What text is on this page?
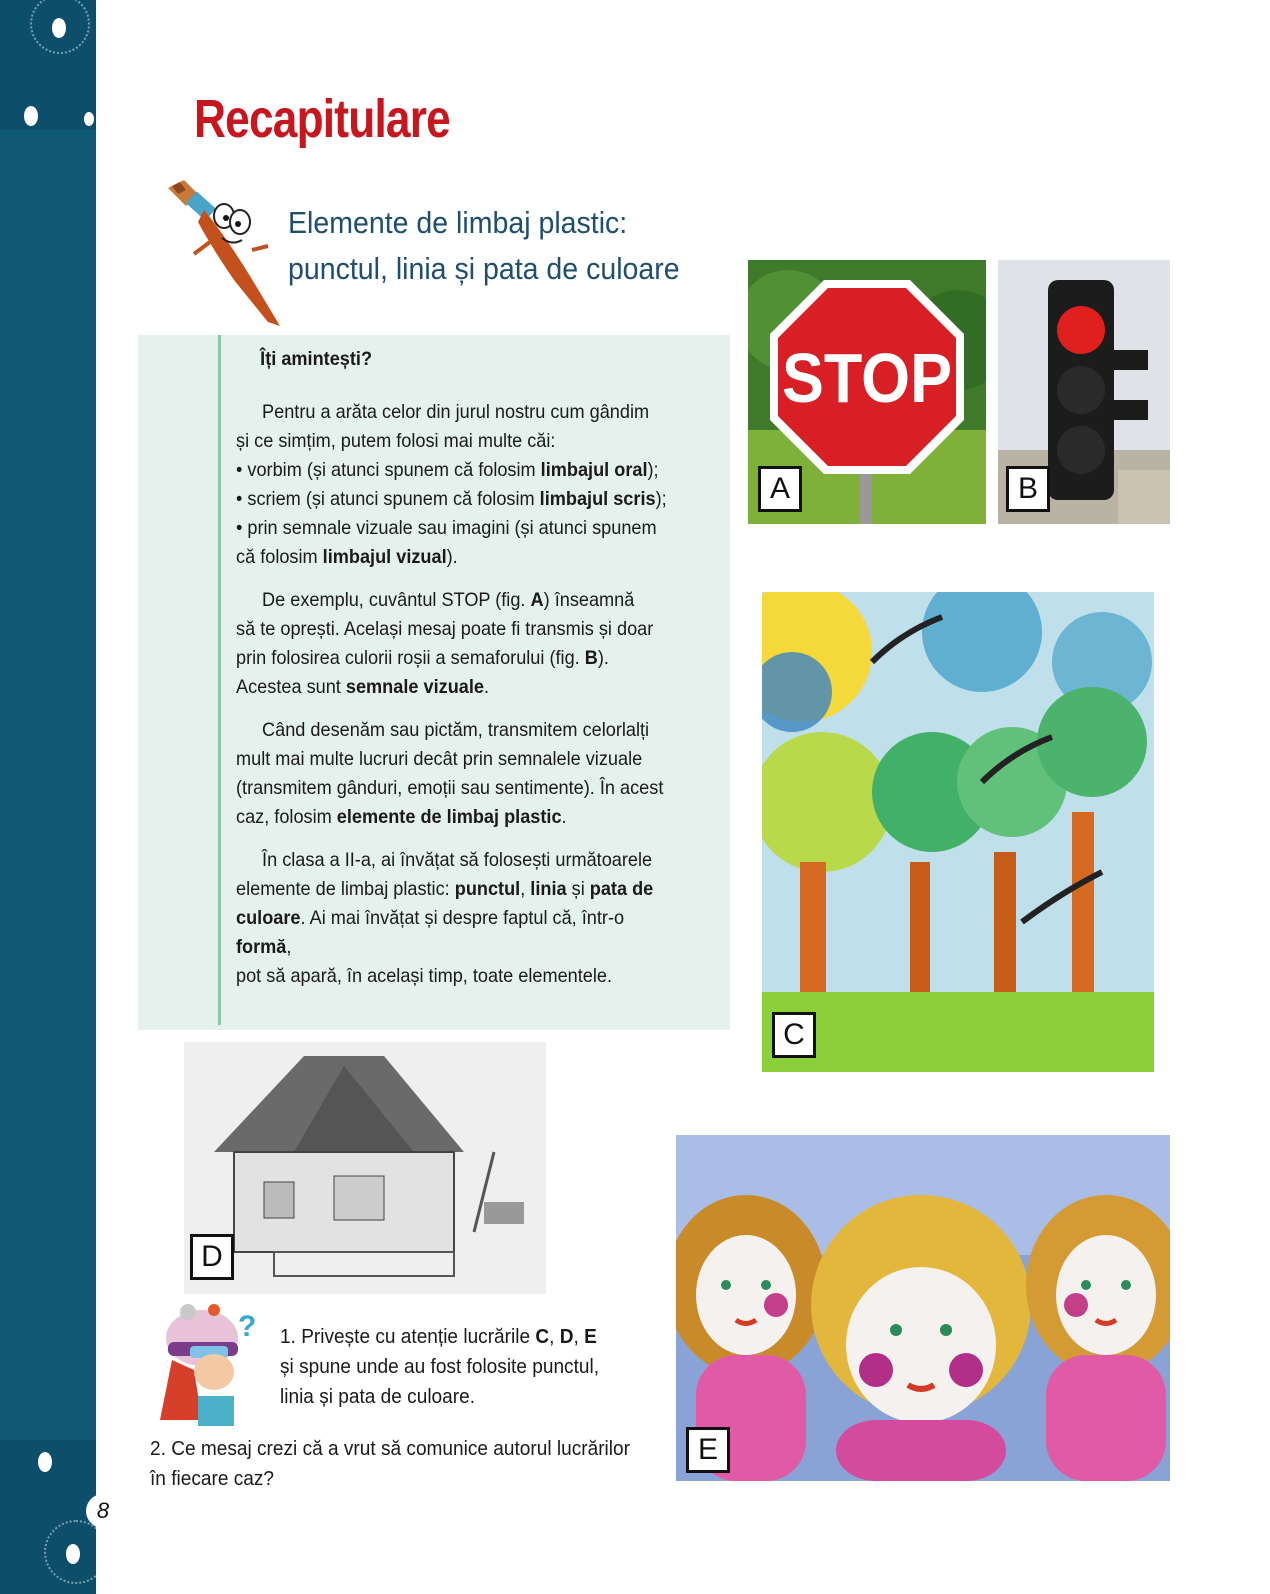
8
Recapitulare
Elemente de limbaj plastic:
punctul, linia și pata de culoare

Îți amintești?

Pentru a arăta celor din jurul nostru cum gândim
și ce simțim, putem folosi mai multe căi:
• vorbim (și atunci spunem că folosim limbajul oral);
• scriem (și atunci spunem că folosim limbajul scris);
• prin semnale vizuale sau imagini (și atunci spunem
că folosim limbajul vizual).

De exemplu, cuvântul STOP (fig. A) înseamnă
să te oprești. Același mesaj poate fi transmis și doar
prin folosirea culorii roșii a semaforului (fig. B).
Acestea sunt semnale vizuale.

Când desenăm sau pictăm, transmitem celorlalți
mult mai multe lucruri decât prin semnalele vizuale
(transmitem gânduri, emoții sau sentimente). În acest
caz, folosim elemente de limbaj plastic.

În clasa a II-a, ai învățat să folosești următoarele
elemente de limbaj plastic: punctul, linia și pata de
culoare. Ai mai învățat și despre faptul că, într-o formă,
pot să apară, în același timp, toate elementele.

STOP
A	B
C
D
E
? 1. Privește cu atenție lucrările C, D, E
și spune unde au fost folosite punctul,
linia și pata de culoare.
2. Ce mesaj crezi că a vrut să comunice autorul lucrărilor
în fiecare caz?
